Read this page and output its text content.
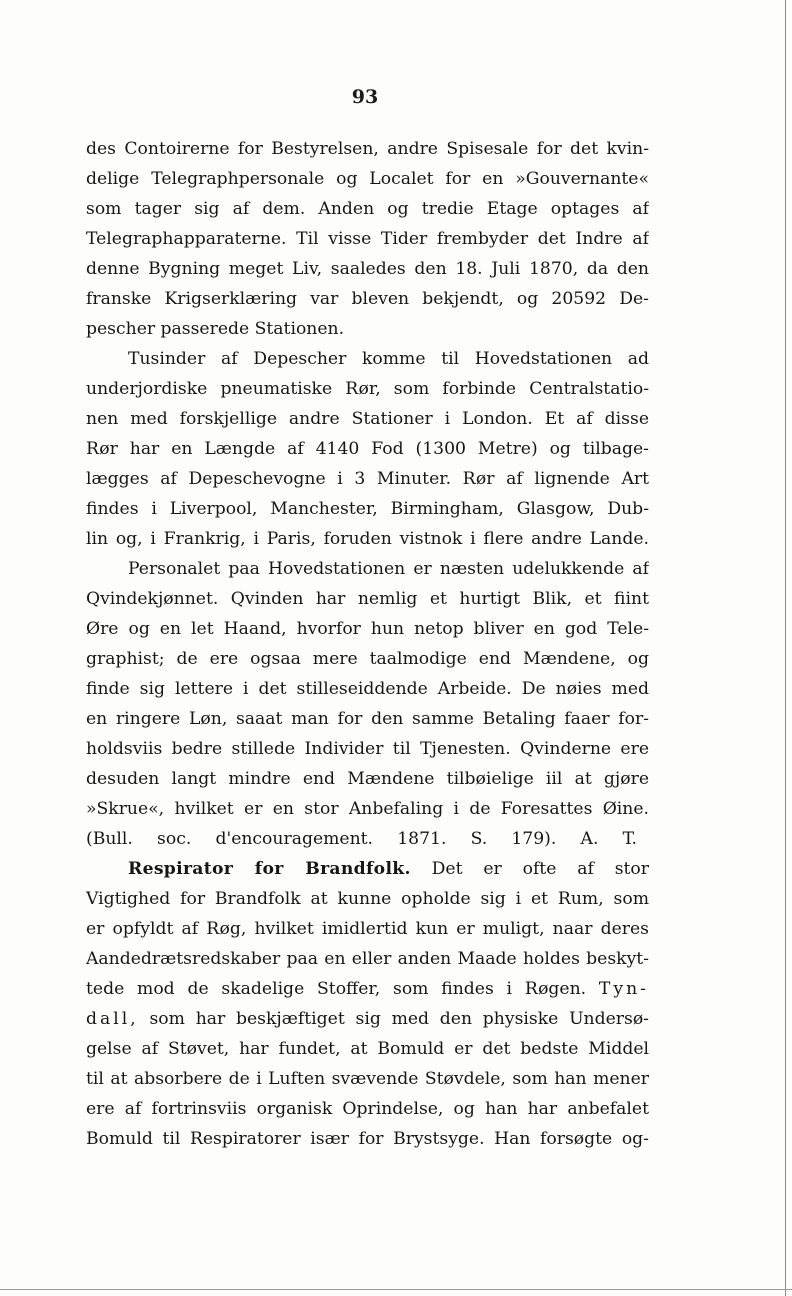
93
des Contoirerne for Bestyrelsen, andre Spisesale for det kvin-
delige Telegraphpersonale og Localet for en »Gouvernante«
som tager sig af dem. Anden og tredie Etage optages af
Telegraphapparaterne. Til visse Tider frembyder det Indre af
denne Bygning meget Liv, saaledes den 18. Juli 1870, da den
franske Krigserklæring var bleven bekjendt, og 20592 De-
pescher passerede Stationen.
Tusinder af Depescher komme til Hovedstationen ad
underjordiske pneumatiske Rør, som forbinde Centralstatio-
nen med forskjellige andre Stationer i London. Et af disse
Rør har en Længde af 4140 Fod (1300 Metre) og tilbage-
lægges af Depeschevogne i 3 Minuter. Rør af lignende Art
findes i Liverpool, Manchester, Birmingham, Glasgow, Dub-
lin og, i Frankrig, i Paris, foruden vistnok i flere andre Lande.
Personalet paa Hovedstationen er næsten udelukkende af
Qvindekjønnet. Qvinden har nemlig et hurtigt Blik, et fiint
Øre og en let Haand, hvorfor hun netop bliver en god Tele-
graphist; de ere ogsaa mere taalmodige end Mændene, og
finde sig lettere i det stilleseiddende Arbeide. De nøies med
en ringere Løn, saaat man for den samme Betaling faaer for-
holdsviis bedre stillede Individer til Tjenesten. Qvinderne ere
desuden langt mindre end Mændene tilbøielige iil at gjøre
»Skrue«, hvilket er en stor Anbefaling i de Foresattes Øine.
(Bull. soc. d'encouragement. 1871. S. 179). A. T.
Respirator for Brandfolk. Det er ofte af stor
Vigtighed for Brandfolk at kunne opholde sig i et Rum, som
er opfyldt af Røg, hvilket imidlertid kun er muligt, naar deres
Aandedrætsredskaber paa en eller anden Maade holdes beskyt-
tede mod de skadelige Stoffer, som findes i Røgen. Tyn-
dall, som har beskjæftiget sig med den physiske Undersø-
gelse af Støvet, har fundet, at Bomuld er det bedste Middel
til at absorbere de i Luften svævende Støvdele, som han mener
ere af fortrinsviis organisk Oprindelse, og han har anbefalet
Bomuld til Respiratorer især for Brystsyge. Han forsøgte og-
